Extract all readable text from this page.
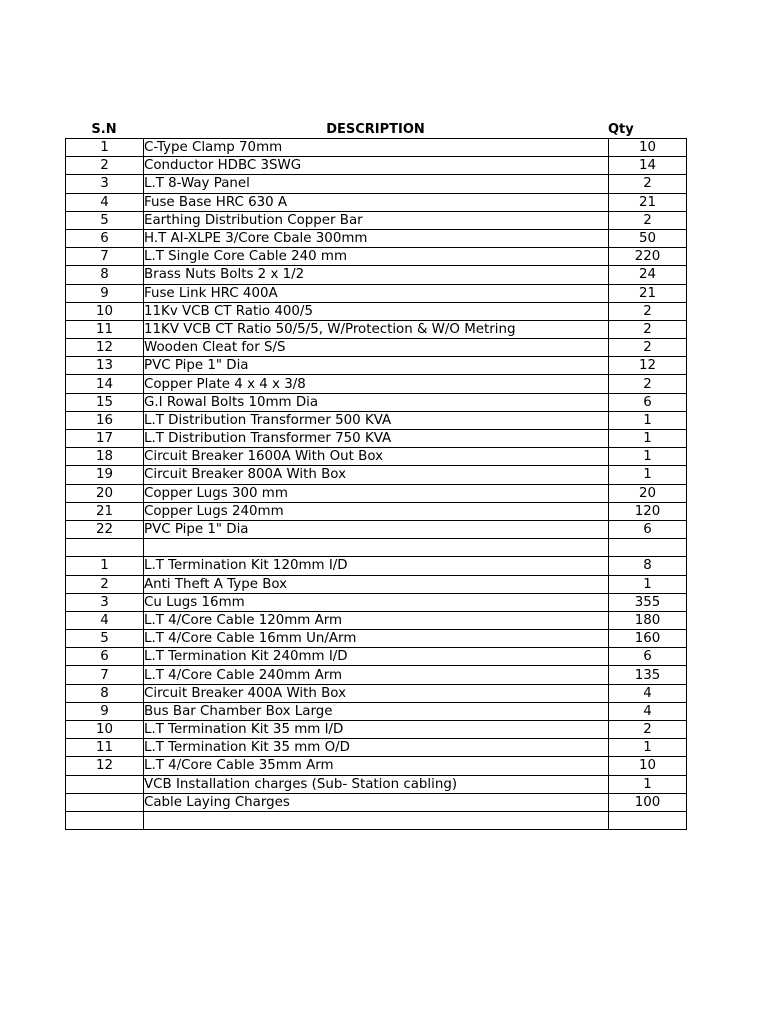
S.N	DESCRIPTION	Qty
1	C-Type Clamp 70mm	10
2	Conductor HDBC 3SWG	14
3	L.T 8-Way Panel	2
4	Fuse Base HRC 630 A	21
5	Earthing Distribution Copper Bar	2
6	H.T AI-XLPE 3/Core Cbale 300mm	50
7	L.T Single Core Cable 240 mm	220
8	Brass Nuts Bolts 2 x 1/2	24
9	Fuse Link HRC 400A	21
10	11Kv VCB CT Ratio 400/5	2
11	11KV VCB CT Ratio 50/5/5, W/Protection & W/O Metring	2
12	Wooden Cleat for S/S	2
13	PVC Pipe 1" Dia	12
14	Copper Plate 4 x 4 x 3/8	2
15	G.I Rowal Bolts 10mm Dia	6
16	L.T Distribution Transformer 500 KVA	1
17	L.T Distribution Transformer 750 KVA	1
18	Circuit Breaker 1600A With Out Box	1
19	Circuit Breaker 800A With Box	1
20	Copper Lugs 300 mm	20
21	Copper Lugs 240mm	120
22	PVC Pipe 1" Dia	6

1	L.T Termination Kit 120mm I/D	8
2	Anti Theft A Type Box	1
3	Cu Lugs 16mm	355
4	L.T 4/Core Cable 120mm Arm	180
5	L.T 4/Core Cable 16mm Un/Arm	160
6	L.T Termination Kit 240mm I/D	6
7	L.T 4/Core Cable 240mm Arm	135
8	Circuit Breaker 400A With Box	4
9	Bus Bar Chamber Box Large	4
10	L.T Termination Kit 35 mm I/D	2
11	L.T Termination Kit 35 mm O/D	1
12	L.T 4/Core Cable 35mm Arm	10
	VCB Installation charges (Sub- Station cabling)	1
	Cable Laying Charges	100
